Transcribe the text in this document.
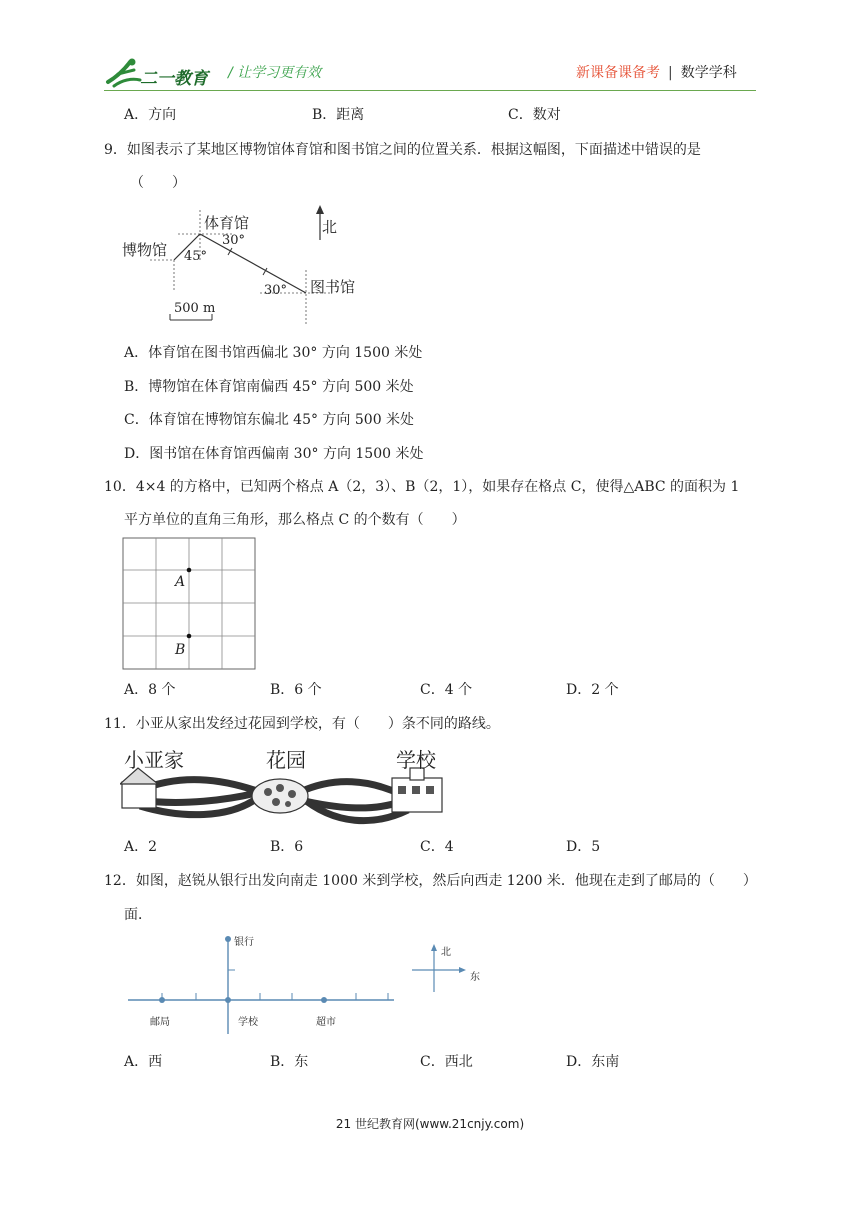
二一教育 / 让学习更有效	新课备课备考 | 数学学科
A．方向	B．距离	C．数对
9．如图表示了某地区博物馆体育馆和图书馆之间的位置关系．根据这幅图，下面描述中错误的是
（　　）
体育馆
30°
北
博物馆 45°
30° 图书馆
500 m
A．体育馆在图书馆西偏北 30° 方向 1500 米处
B．博物馆在体育馆南偏西 45° 方向 500 米处
C．体育馆在博物馆东偏北 45° 方向 500 米处
D．图书馆在体育馆西偏南 30° 方向 1500 米处
10．4×4 的方格中，已知两个格点 A（2，3）、B（2，1），如果存在格点 C，使得△ABC 的面积为 1
平方单位的直角三角形，那么格点 C 的个数有（　　）
A
B
A．8 个	B．6 个	C．4 个	D．2 个
11．小亚从家出发经过花园到学校，有（　　）条不同的路线。
小亚家	花园	学校
A．2	B．6	C．4	D．5
12．如图，赵锐从银行出发向南走 1000 米到学校，然后向西走 1200 米．他现在走到了邮局的（　　）
面．
银行
邮局	学校	超市
北
东
A．西	B．东	C．西北	D．东南
21 世纪教育网(www.21cnjy.com)
